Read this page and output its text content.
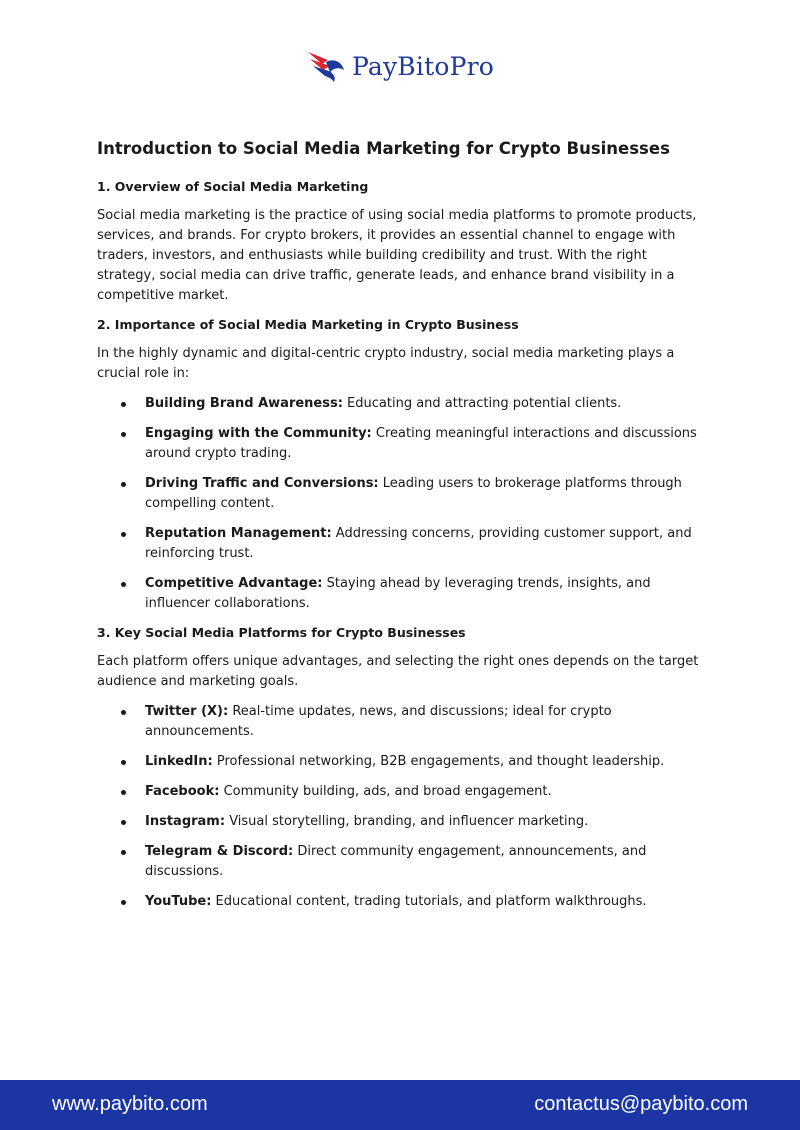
PayBitoPro
Introduction to Social Media Marketing for Crypto Businesses
1. Overview of Social Media Marketing

Social media marketing is the practice of using social media platforms to promote products, services, and brands. For crypto brokers, it provides an essential channel to engage with traders, investors, and enthusiasts while building credibility and trust. With the right strategy, social media can drive traffic, generate leads, and enhance brand visibility in a competitive market.

2. Importance of Social Media Marketing in Crypto Business

In the highly dynamic and digital-centric crypto industry, social media marketing plays a crucial role in:

Building Brand Awareness: Educating and attracting potential clients.
Engaging with the Community: Creating meaningful interactions and discussions around crypto trading.
Driving Traffic and Conversions: Leading users to brokerage platforms through compelling content.
Reputation Management: Addressing concerns, providing customer support, and reinforcing trust.
Competitive Advantage: Staying ahead by leveraging trends, insights, and influencer collaborations.
3. Key Social Media Platforms for Crypto Businesses

Each platform offers unique advantages, and selecting the right ones depends on the target audience and marketing goals.

Twitter (X): Real-time updates, news, and discussions; ideal for crypto announcements.
LinkedIn: Professional networking, B2B engagements, and thought leadership.
Facebook: Community building, ads, and broad engagement.
Instagram: Visual storytelling, branding, and influencer marketing.
Telegram & Discord: Direct community engagement, announcements, and discussions.
YouTube: Educational content, trading tutorials, and platform walkthroughs.
www.paybito.com	contactus@paybito.com
